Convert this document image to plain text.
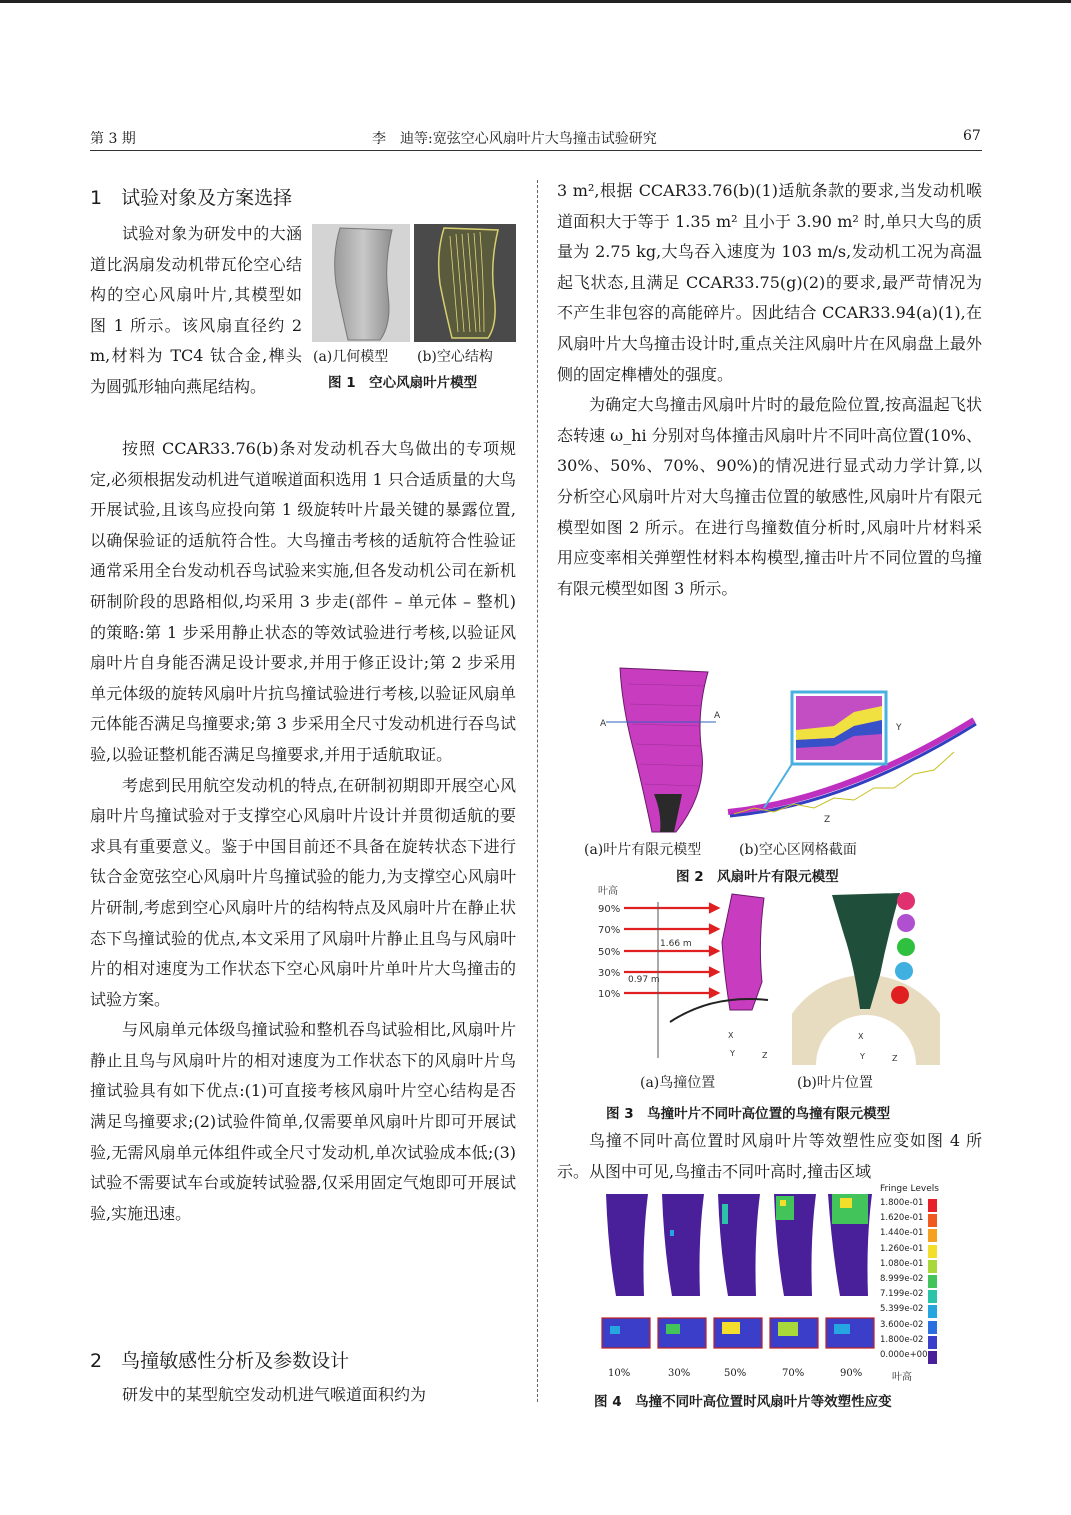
第 3 期	李　迪等:宽弦空心风扇叶片大鸟撞击试验研究	67
1　试验对象及方案选择

试验对象为研发中的大涵道比涡扇发动机带瓦伦空心结构的空心风扇叶片,其模型如图 1 所示。该风扇直径约 2 m,材料为 TC4 钛合金,榫头为圆弧形轴向燕尾结构。

(a)几何模型 (b)空心结构
图 1　空心风扇叶片模型

按照 CCAR33.76(b)条对发动机吞大鸟做出的专项规定,必须根据发动机进气道喉道面积选用 1 只合适质量的大鸟开展试验,且该鸟应投向第 1 级旋转叶片最关键的暴露位置,以确保验证的适航符合性。大鸟撞击考核的适航符合性验证通常采用全台发动机吞鸟试验来实施,但各发动机公司在新机研制阶段的思路相似,均采用 3 步走(部件 – 单元体 – 整机)的策略:第 1 步采用静止状态的等效试验进行考核,以验证风扇叶片自身能否满足设计要求,并用于修正设计;第 2 步采用单元体级的旋转风扇叶片抗鸟撞试验进行考核,以验证风扇单元体能否满足鸟撞要求;第 3 步采用全尺寸发动机进行吞鸟试验,以验证整机能否满足鸟撞要求,并用于适航取证。

考虑到民用航空发动机的特点,在研制初期即开展空心风扇叶片鸟撞试验对于支撑空心风扇叶片设计并贯彻适航的要求具有重要意义。鉴于中国目前还不具备在旋转状态下进行钛合金宽弦空心风扇叶片鸟撞试验的能力,为支撑空心风扇叶片研制,考虑到空心风扇叶片的结构特点及风扇叶片在静止状态下鸟撞试验的优点,本文采用了风扇叶片静止且鸟与风扇叶片的相对速度为工作状态下空心风扇叶片单叶片大鸟撞击的试验方案。

与风扇单元体级鸟撞试验和整机吞鸟试验相比,风扇叶片静止且鸟与风扇叶片的相对速度为工作状态下的风扇叶片鸟撞试验具有如下优点:(1)可直接考核风扇叶片空心结构是否满足鸟撞要求;(2)试验件简单,仅需要单风扇叶片即可开展试验,无需风扇单元体组件或全尺寸发动机,单次试验成本低;(3)试验不需要试车台或旋转试验器,仅采用固定气炮即可开展试验,实施迅速。

2　鸟撞敏感性分析及参数设计

研发中的某型航空发动机进气喉道面积约为

3 m²,根据 CCAR33.76(b)(1)适航条款的要求,当发动机喉道面积大于等于 1.35 m² 且小于 3.90 m² 时,单只大鸟的质量为 2.75 kg,大鸟吞入速度为 103 m/s,发动机工况为高温起飞状态,且满足 CCAR33.75(g)(2)的要求,最严苛情况为不产生非包容的高能碎片。因此结合 CCAR33.94(a)(1),在风扇叶片大鸟撞击设计时,重点关注风扇叶片在风扇盘上最外侧的固定榫槽处的强度。

为确定大鸟撞击风扇叶片时的最危险位置,按高温起飞状态转速 ω_hi 分别对鸟体撞击风扇叶片不同叶高位置(10%、30%、50%、70%、90%)的情况进行显式动力学计算,以分析空心风扇叶片对大鸟撞击位置的敏感性,风扇叶片有限元模型如图 2 所示。在进行鸟撞数值分析时,风扇叶片材料采用应变率相关弹塑性材料本构模型,撞击叶片不同位置的鸟撞有限元模型如图 3 所示。

A
A
Y
Z
(a)叶片有限元模型	(b)空心区网格截面
图 2　风扇叶片有限元模型
叶高
90%
70%
50%
30%
10%
1.66 m
0.97 m
X
Y	Z
X
Y	Z
(a)鸟撞位置	(b)叶片位置
图 3　鸟撞叶片不同叶高位置的鸟撞有限元模型

鸟撞不同叶高位置时风扇叶片等效塑性应变如图 4 所示。从图中可见,鸟撞击不同叶高时,撞击区域

Fringe Levels
1.800e-01
1.620e-01
1.440e-01
1.260e-01
1.080e-01
8.999e-02
7.199e-02
5.399e-02
3.600e-02
1.800e-02
0.000e+00
10%	30%	50%	70%	90%	叶高
图 4　鸟撞不同叶高位置时风扇叶片等效塑性应变
